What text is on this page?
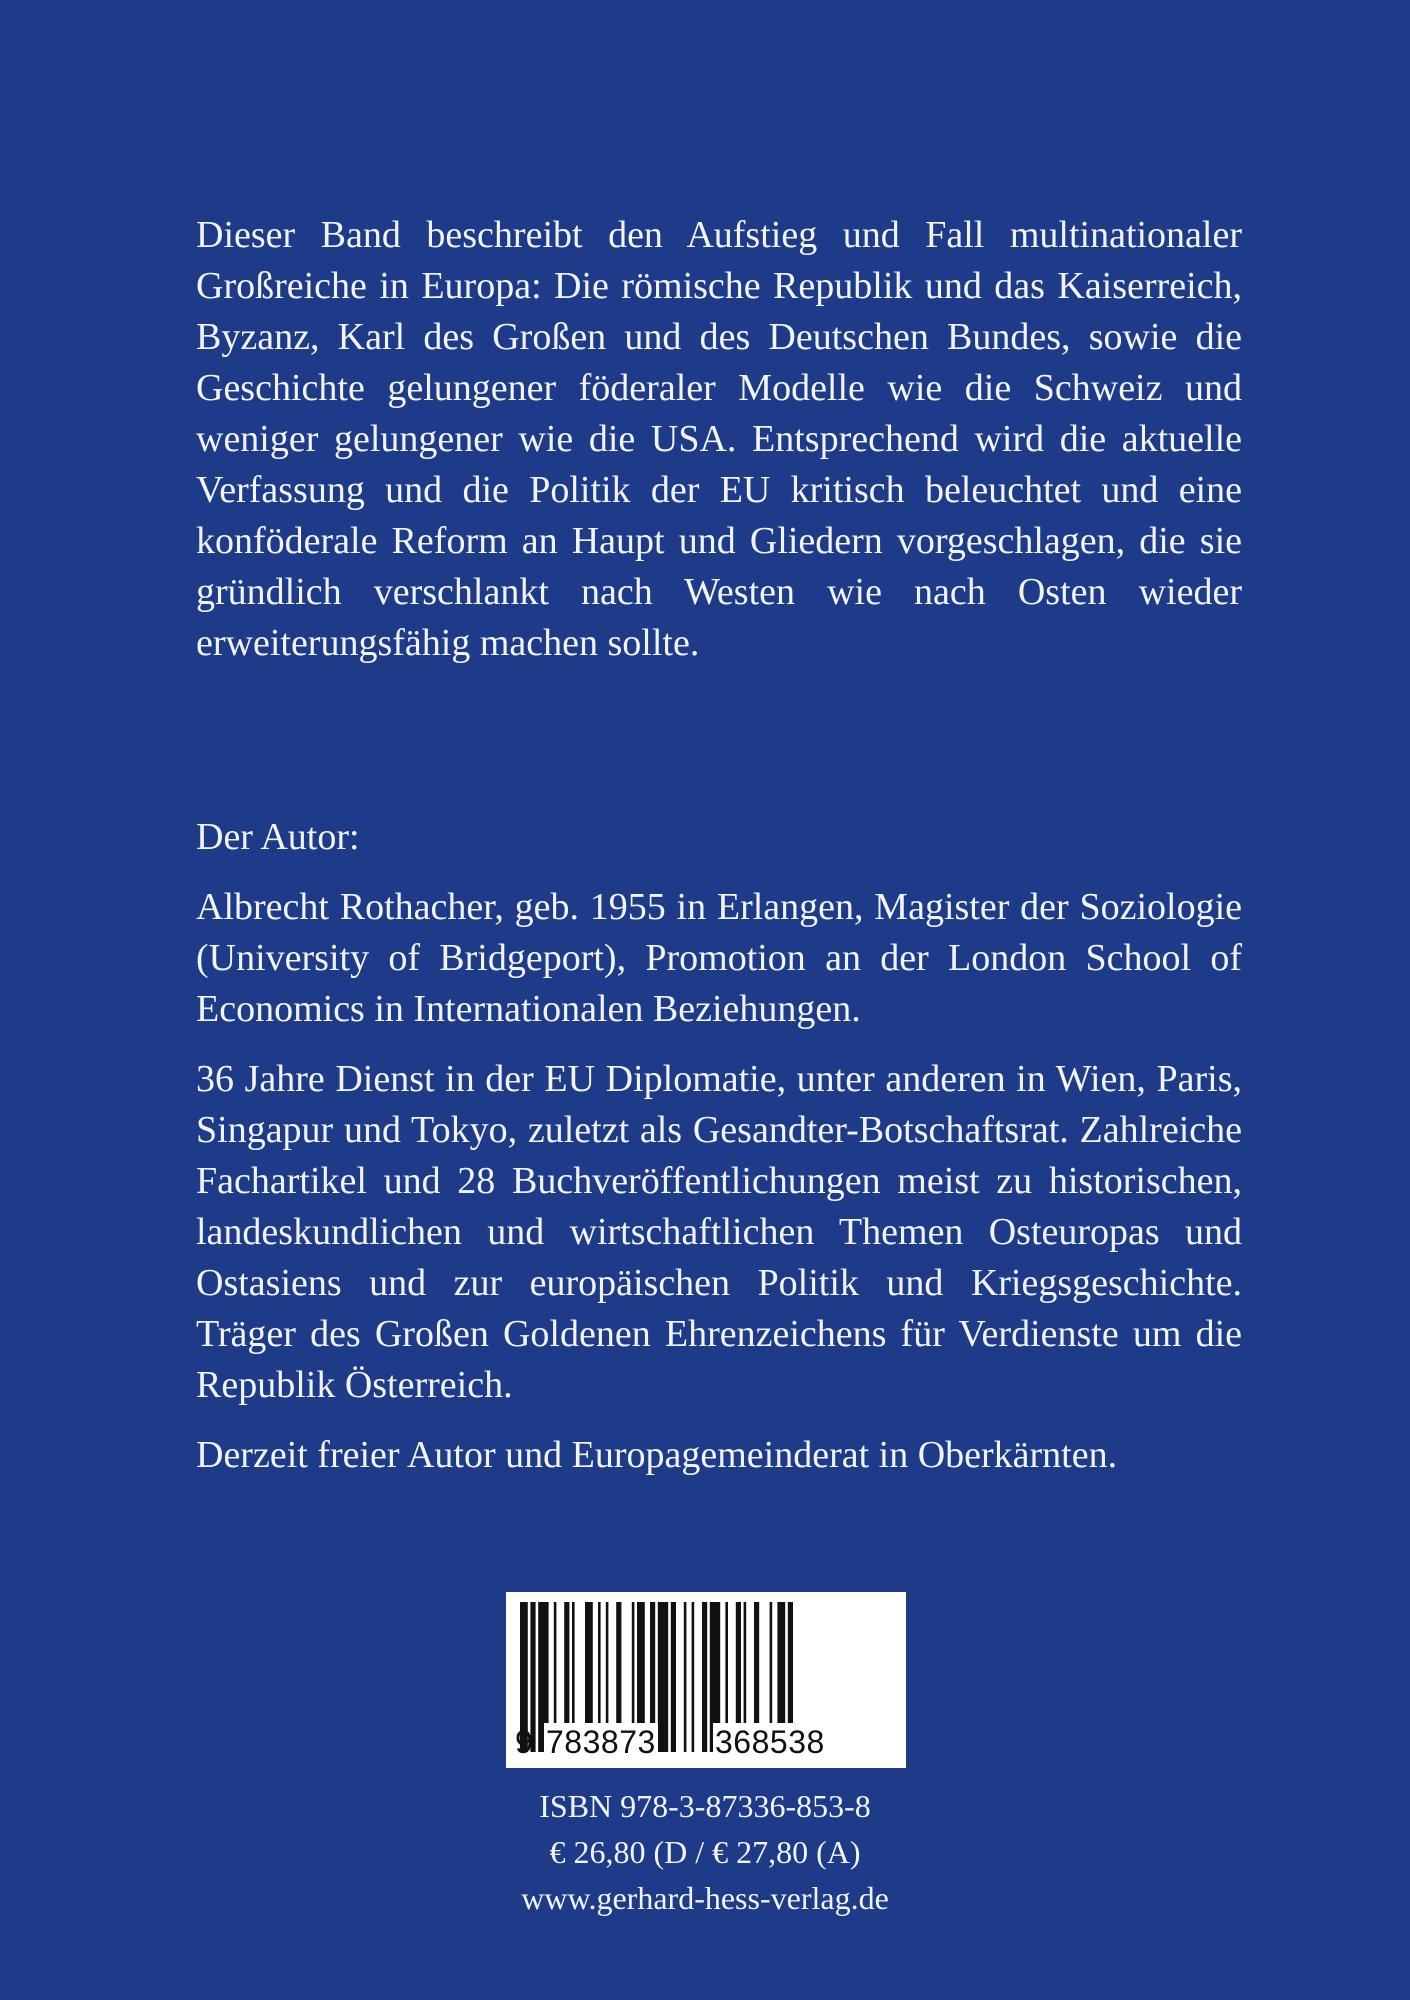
Dieser Band beschreibt den Aufstieg und Fall multinationaler Großreiche in Europa: Die römische Republik und das Kaiserreich, Byzanz, Karl des Großen und des Deutschen Bundes, sowie die Geschichte gelungener föderaler Modelle wie die Schweiz und weniger gelungener wie die USA. Entsprechend wird die aktuelle Verfassung und die Politik der EU kritisch beleuchtet und eine konföderale Reform an Haupt und Gliedern vorgeschlagen, die sie gründlich verschlankt nach Westen wie nach Osten wieder erweiterungsfähig machen sollte.

Der Autor:

Albrecht Rothacher, geb. 1955 in Erlangen, Magister der Soziologie (University of Bridgeport), Promotion an der London School of Economics in Internationalen Beziehungen.

36 Jahre Dienst in der EU Diplomatie, unter anderen in Wien, Paris, Singapur und Tokyo, zuletzt als Gesandter-Botschaftsrat. Zahlreiche Fachartikel und 28 Buchveröffentlichungen meist zu historischen, landeskundlichen und wirtschaftlichen Themen Osteuropas und Ostasiens und zur europäischen Politik und Kriegsgeschichte. Träger des Großen Goldenen Ehrenzeichens für Verdienste um die Republik Österreich.

Derzeit freier Autor und Europagemeinderat in Oberkärnten.

9 783873 368538
ISBN 978-3-87336-853-8
€ 26,80 (D / € 27,80 (A)
www.gerhard-hess-verlag.de
